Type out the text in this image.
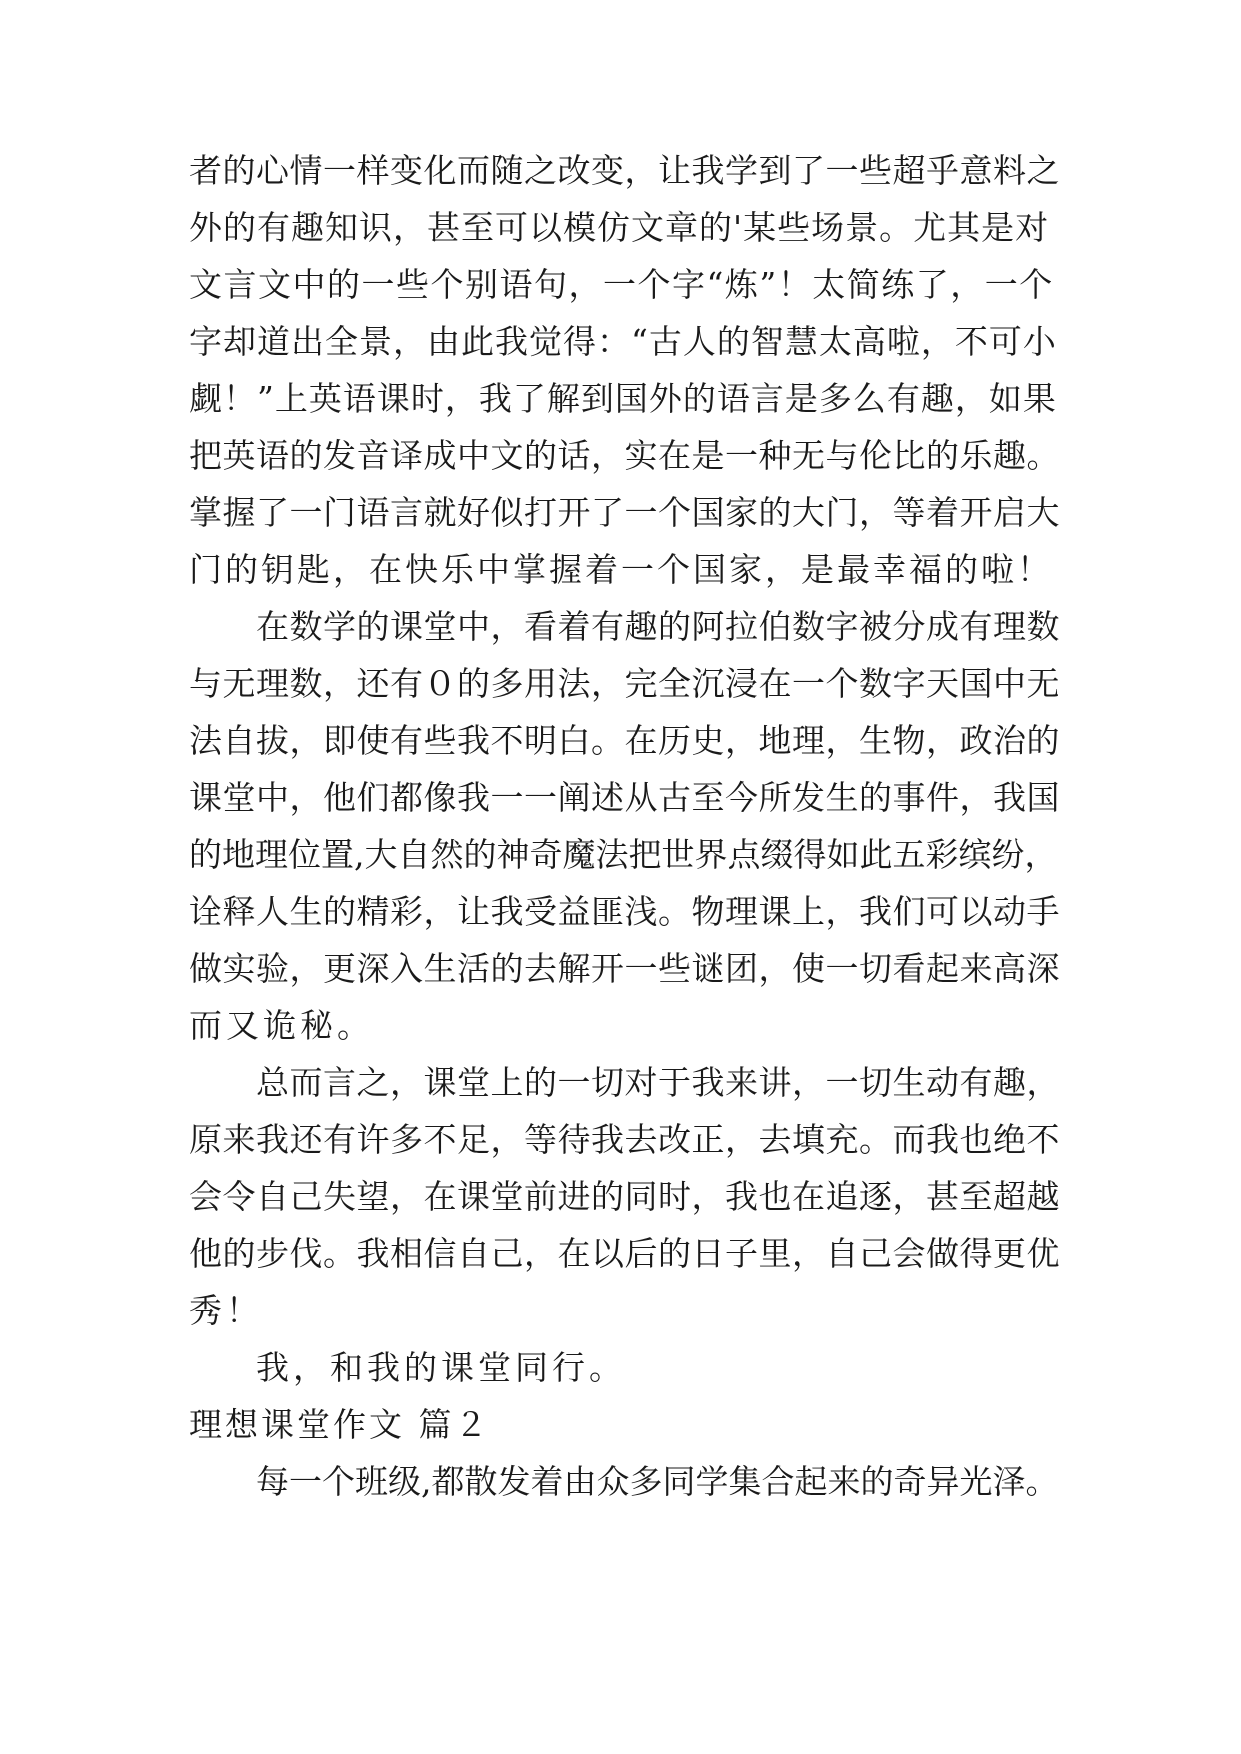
者的心情一样变化而随之改变，让我学到了一些超乎意料之
外的有趣知识，甚至可以模仿文章的'某些场景。尤其是对
文言文中的一些个别语句，一个字“炼”！太简练了，一个
字却道出全景，由此我觉得：“古人的智慧太高啦，不可小
觑！”上英语课时，我了解到国外的语言是多么有趣，如果
把英语的发音译成中文的话，实在是一种无与伦比的乐趣。
掌握了一门语言就好似打开了一个国家的大门，等着开启大
门的钥匙，在快乐中掌握着一个国家，是最幸福的啦！
在数学的课堂中，看着有趣的阿拉伯数字被分成有理数
与无理数，还有０的多用法，完全沉浸在一个数字天国中无
法自拔，即使有些我不明白。在历史，地理，生物，政治的
课堂中，他们都像我一一阐述从古至今所发生的事件，我国
的地理位置,大自然的神奇魔法把世界点缀得如此五彩缤纷，
诠释人生的精彩，让我受益匪浅。物理课上，我们可以动手
做实验，更深入生活的去解开一些谜团，使一切看起来高深
而又诡秘。
总而言之，课堂上的一切对于我来讲，一切生动有趣，
原来我还有许多不足，等待我去改正，去填充。而我也绝不
会令自己失望，在课堂前进的同时，我也在追逐，甚至超越
他的步伐。我相信自己，在以后的日子里，自己会做得更优
秀！
我，和我的课堂同行。
理想课堂作文 篇２
每一个班级,都散发着由众多同学集合起来的奇异光泽。
